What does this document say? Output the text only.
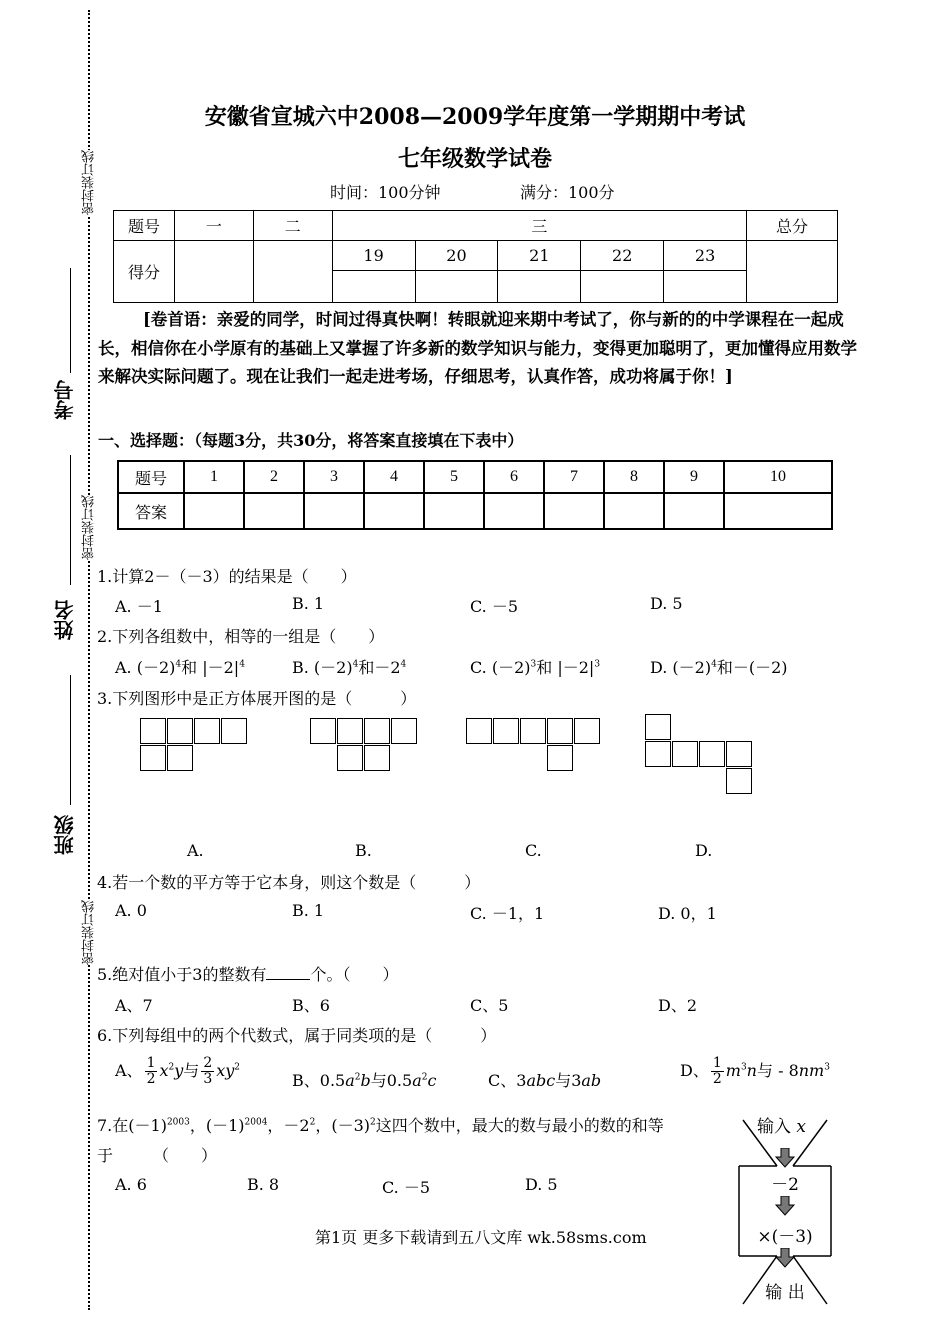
密封装订线
密封装订线
密封装订线
考号
姓名
班级
安徽省宣城六中2008—2009学年度第一学期期中考试
七年级数学试卷
时间：100分钟	满分：100分
题号	一	二	三					总分
得分			19	20	21	22	23	

[卷首语：亲爱的同学，时间过得真快啊！转眼就迎来期中考试了，你与新的的中学课程在一起成长，相信你在小学原有的基础上又掌握了许多新的数学知识与能力，变得更加聪明了，更加懂得应用数学来解决实际问题了。现在让我们一起走进考场，仔细思考，认真作答，成功将属于你！]
一、选择题：（每题3分，共30分，将答案直接填在下表中）
题号	1	2	3	4	5	6	7	8	9	10
答案										
1.计算2－（－3）的结果是（　　）
A. －1	B. 1	C. －5	D. 5
2.下列各组数中，相等的一组是（　　）
A. $(-2)^4$和 $|-2|^4$	B. $(-2)^4$和$-2^4$	C. $(-2)^3$和 $|-2|^3$	D. $(-2)^4$和－(－2)
3.下列图形中是正方体展开图的是（　　　）
A.	B.	C.	D.
4.若一个数的平方等于它本身，则这个数是（　　　）
A. 0	B. 1	C. －1，1	D. 0，1
5.绝对值小于3的整数有	个。（　　）
A、7	B、6	C、5	D、2
6.下列每组中的两个代数式，属于同类项的是（　　　）
A、 $\frac{1}{2} x^2y$与 $\frac{2}{3} xy^2$
B、$0.5a^2b$与$0.5a^2c$	C、3abc与3ab
D、 $\frac{1}{2} m^3n$与 - $8nm^3$
7.在$(-1)^{2003}$，$(-1)^{2004}$，$-2^2$，$(-3)^2$这四个数中，最大的数与最小的数的和等
于　　　（　　）
A. 6	B. 8	C. －5	D. 5
输入 x
－2
×(－3)
输 出
第1页 更多下载请到五八文库 wk.58sms.com
